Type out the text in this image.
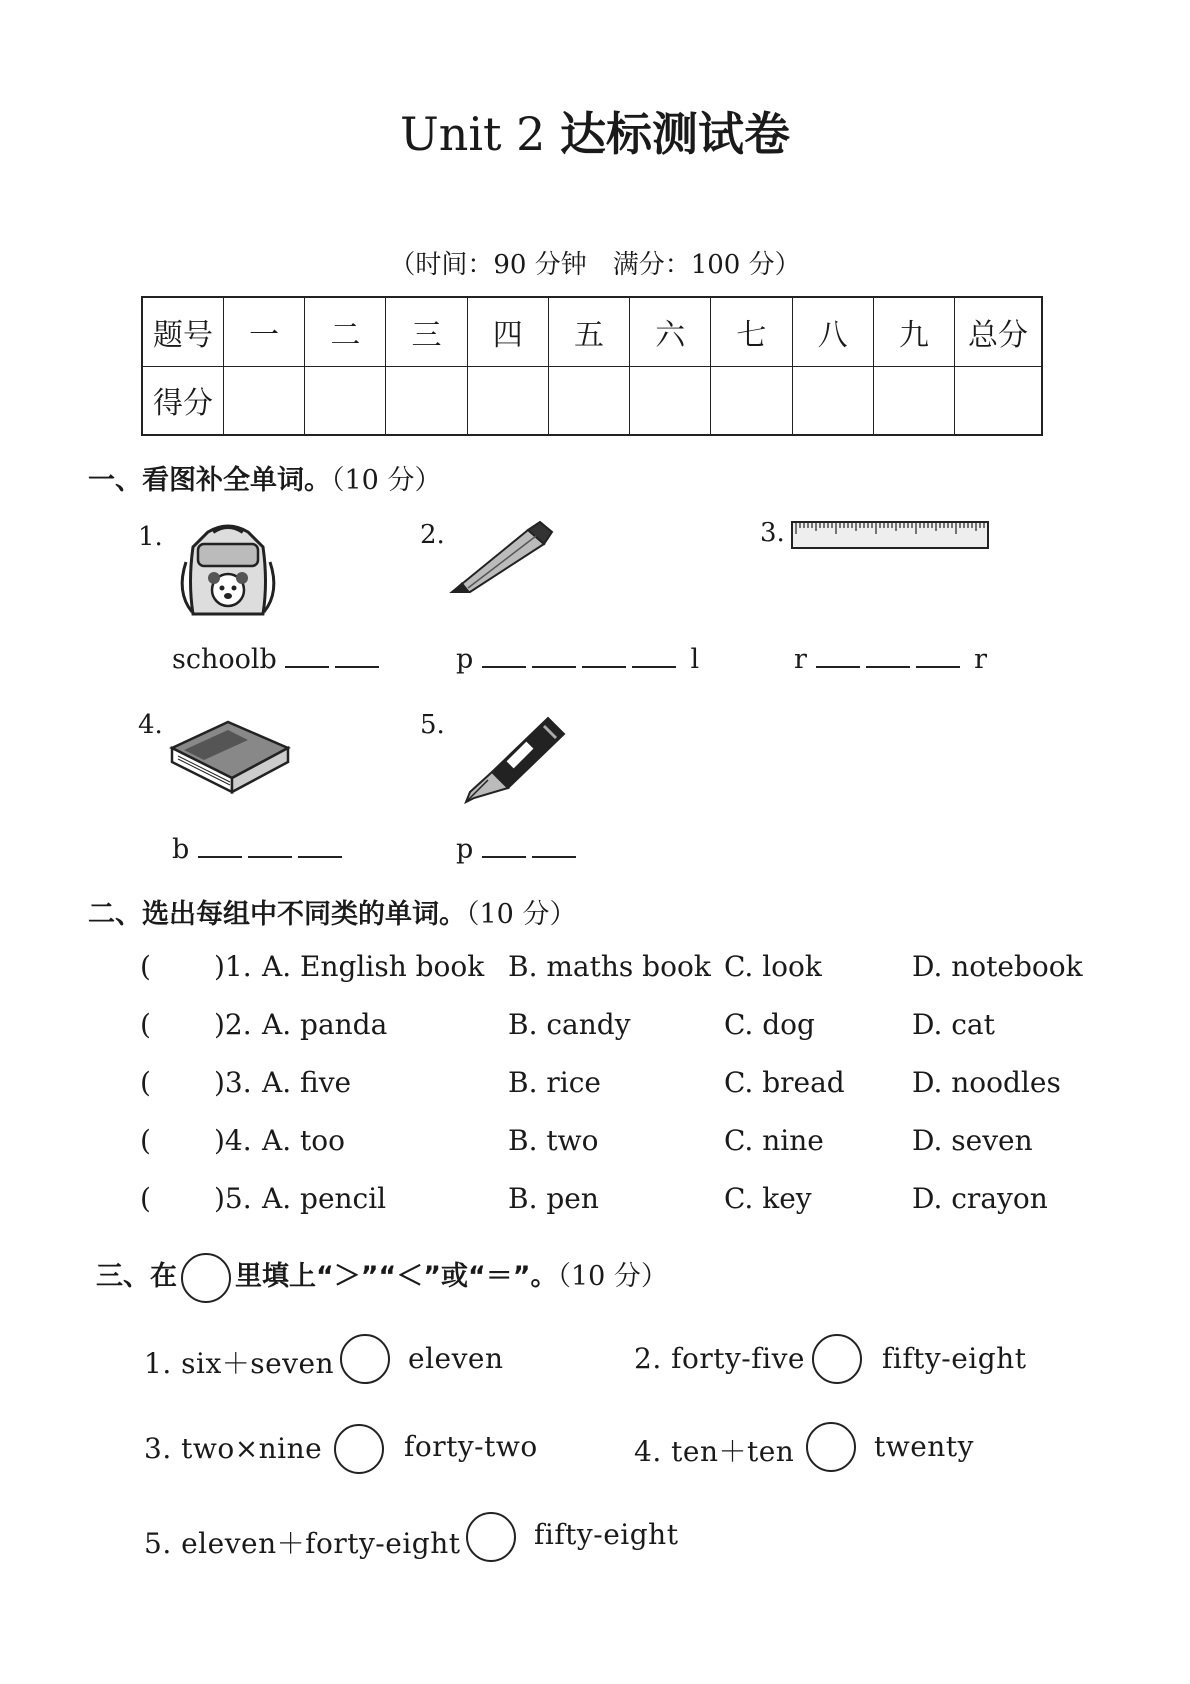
Unit 2 达标测试卷
（时间：90 分钟　满分：100 分）
题号	一	二	三	四	五	六	七	八	九	总分
得分										
一、看图补全单词。（10 分）
1.	2.	3.
4.	5.
schoolb	p	l	r	r
b	p
二、选出每组中不同类的单词。（10 分）
( )1. A. English book B. maths book C. look	D. notebook
( )2. A. panda	B. candy	C. dog	D. cat
( )3. A. five	B. rice	C. bread D. noodles
( )4. A. too	B. two	C. nine	D. seven
( )5. A. pencil	B. pen	C. key	D. crayon
三、在 里填上“＞”“＜”或“＝”。（10 分）
1. six＋seven	eleven	2. forty-five	fifty-eight
3. two×nine	forty-two	4. ten＋ten	twenty
5. eleven＋forty-eight	fifty-eight
